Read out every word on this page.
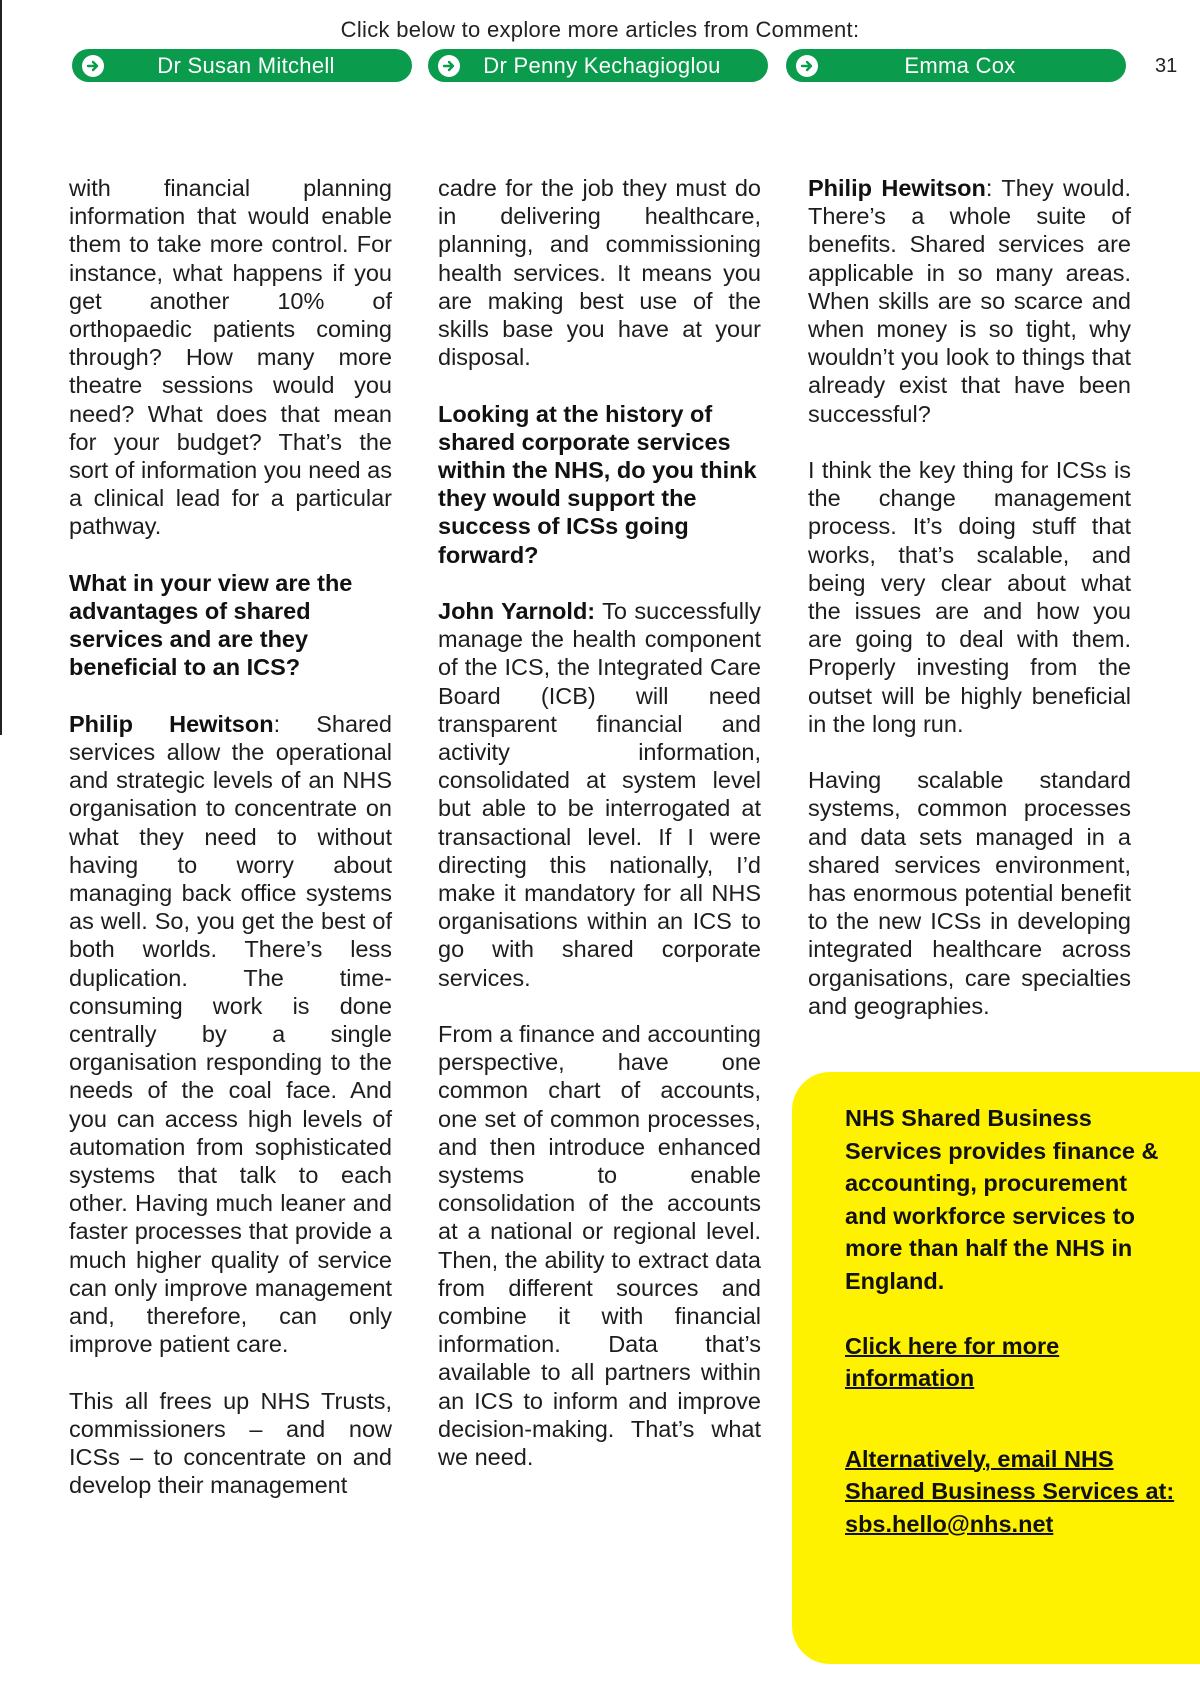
Click below to explore more articles from Comment:
Dr Susan Mitchell	Dr Penny Kechagioglou	Emma Cox	31

with financial planning information that would enable them to take more control. For instance, what happens if you get another 10% of orthopaedic patients coming through? How many more theatre sessions would you need? What does that mean for your budget? That’s the sort of information you need as a clinical lead for a particular pathway.

What in your view are the advantages of shared services and are they beneficial to an ICS?

Philip Hewitson: Shared services allow the operational and strategic levels of an NHS organisation to concentrate on what they need to without having to worry about managing back office systems as well. So, you get the best of both worlds. There’s less duplication. The time-consuming work is done centrally by a single organisation responding to the needs of the coal face. And you can access high levels of automation from sophisticated systems that talk to each other. Having much leaner and faster processes that provide a much higher quality of service can only improve management and, therefore, can only improve patient care.

This all frees up NHS Trusts, commissioners – and now ICSs – to concentrate on and develop their management

cadre for the job they must do in delivering healthcare, planning, and commissioning health services. It means you are making best use of the skills base you have at your disposal.

Looking at the history of shared corporate services within the NHS, do you think they would support the success of ICSs going forward?

John Yarnold: To successfully manage the health component of the ICS, the Integrated Care Board (ICB) will need transparent financial and activity information, consolidated at system level but able to be interrogated at transactional level. If I were directing this nationally, I’d make it mandatory for all NHS organisations within an ICS to go with shared corporate services.

From a finance and accounting perspective, have one common chart of accounts, one set of common processes, and then introduce enhanced systems to enable consolidation of the accounts at a national or regional level. Then, the ability to extract data from different sources and combine it with financial information. Data that’s available to all partners within an ICS to inform and improve decision-making. That’s what we need.

Philip Hewitson: They would. There’s a whole suite of benefits. Shared services are applicable in so many areas. When skills are so scarce and when money is so tight, why wouldn’t you look to things that already exist that have been successful?

I think the key thing for ICSs is the change management process. It’s doing stuff that works, that’s scalable, and being very clear about what the issues are and how you are going to deal with them. Properly investing from the outset will be highly beneficial in the long run.

Having scalable standard systems, common processes and data sets managed in a shared services environment, has enormous potential benefit to the new ICSs in developing integrated healthcare across organisations, care specialties and geographies.

NHS Shared Business Services provides finance & accounting, procurement and workforce services to more than half the NHS in England.

Click here for more information

Alternatively, email NHS Shared Business Services at:
sbs.hello@nhs.net
